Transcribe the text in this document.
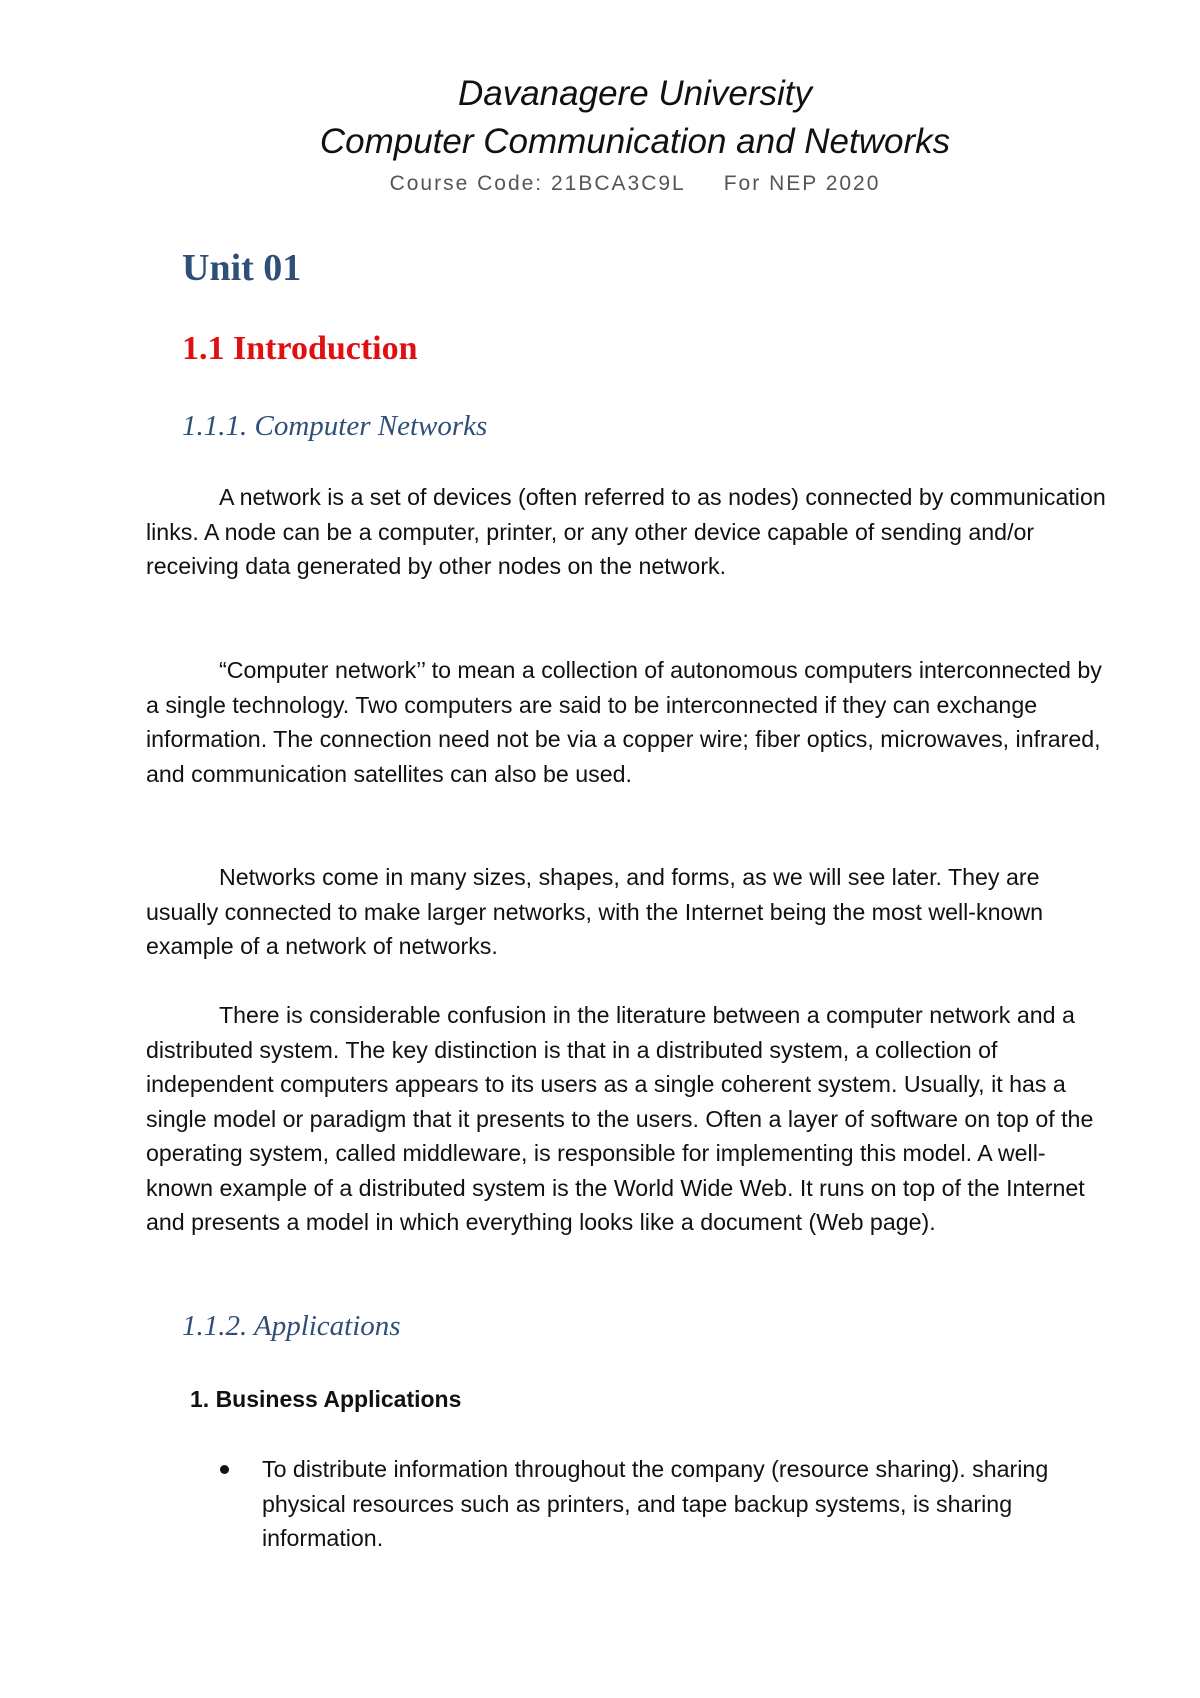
Davanagere University
Computer Communication and Networks
Course Code: 21BCA3C9L For NEP 2020
Unit 01
1.1 Introduction
1.1.1. Computer Networks

A network is a set of devices (often referred to as nodes) connected by communication links. A node can be a computer, printer, or any other device capable of sending and/or receiving data generated by other nodes on the network.

“Computer network’’ to mean a collection of autonomous computers interconnected by a single technology. Two computers are said to be interconnected if they can exchange information. The connection need not be via a copper wire; fiber optics, microwaves, infrared, and communication satellites can also be used.

Networks come in many sizes, shapes, and forms, as we will see later. They are usually connected to make larger networks, with the Internet being the most well-known example of a network of networks.

There is considerable confusion in the literature between a computer network and a distributed system. The key distinction is that in a distributed system, a collection of independent computers appears to its users as a single coherent system. Usually, it has a single model or paradigm that it presents to the users. Often a layer of software on top of the operating system, called middleware, is responsible for implementing this model. A well-known example of a distributed system is the World Wide Web. It runs on top of the Internet and presents a model in which everything looks like a document (Web page).

1.1.2. Applications
1. Business Applications
To distribute information throughout the company (resource sharing). sharing physical resources such as printers, and tape backup systems, is sharing information.
